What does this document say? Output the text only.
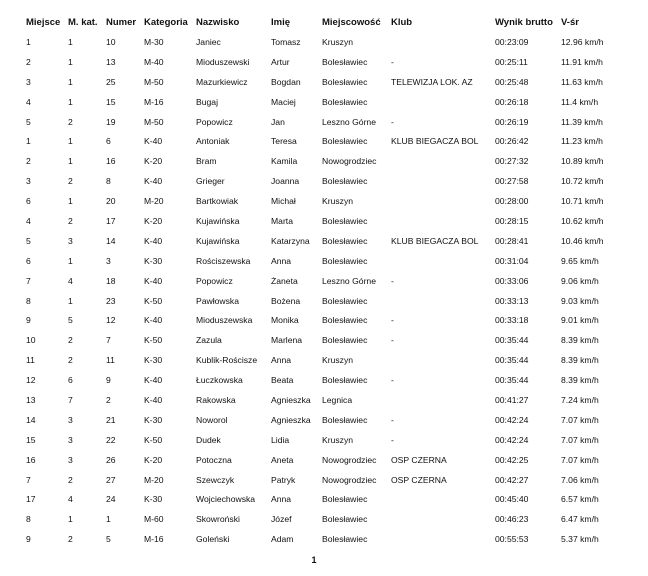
Miejsce	M. kat.	Numer	Kategoria	Nazwisko	Imię	Miejscowość	Klub	Wynik brutto	V-śr
1	1	10	M-30	Janiec	Tomasz	Kruszyn		00:23:09	12.96 km/h
2	1	13	M-40	Mioduszewski	Artur	Bolesławiec	-	00:25:11	11.91 km/h
3	1	25	M-50	Mazurkiewicz	Bogdan	Bolesławiec	TELEWIZJA LOK. AZ	00:25:48	11.63 km/h
4	1	15	M-16	Bugaj	Maciej	Bolesławiec		00:26:18	11.4 km/h
5	2	19	M-50	Popowicz	Jan	Leszno Górne	-	00:26:19	11.39 km/h
1	1	6	K-40	Antoniak	Teresa	Bolesławiec	KLUB BIEGACZA BOL	00:26:42	11.23 km/h
2	1	16	K-20	Bram	Kamila	Nowogrodziec		00:27:32	10.89 km/h
3	2	8	K-40	Grieger	Joanna	Bolesławiec		00:27:58	10.72 km/h
6	1	20	M-20	Bartkowiak	Michał	Kruszyn		00:28:00	10.71 km/h
4	2	17	K-20	Kujawińska	Marta	Bolesławiec		00:28:15	10.62 km/h
5	3	14	K-40	Kujawińska	Katarzyna	Bolesławiec	KLUB BIEGACZA BOL	00:28:41	10.46 km/h
6	1	3	K-30	Rościszewska	Anna	Bolesławiec		00:31:04	9.65 km/h
7	4	18	K-40	Popowicz	Żaneta	Leszno Górne	-	00:33:06	9.06 km/h
8	1	23	K-50	Pawłowska	Bożena	Bolesławiec		00:33:13	9.03 km/h
9	5	12	K-40	Mioduszewska	Monika	Bolesławiec	-	00:33:18	9.01 km/h
10	2	7	K-50	Zazula	Marlena	Bolesławiec	-	00:35:44	8.39 km/h
11	2	11	K-30	Kublik-Rościsze	Anna	Kruszyn		00:35:44	8.39 km/h
12	6	9	K-40	Łuczkowska	Beata	Bolesławiec	-	00:35:44	8.39 km/h
13	7	2	K-40	Rakowska	Agnieszka	Legnica		00:41:27	7.24 km/h
14	3	21	K-30	Noworol	Agnieszka	Bolesławiec	-	00:42:24	7.07 km/h
15	3	22	K-50	Dudek	Lidia	Kruszyn	-	00:42:24	7.07 km/h
16	3	26	K-20	Potoczna	Aneta	Nowogrodziec	OSP CZERNA	00:42:25	7.07 km/h
7	2	27	M-20	Szewczyk	Patryk	Nowogrodziec	OSP CZERNA	00:42:27	7.06 km/h
17	4	24	K-30	Wojciechowska	Anna	Bolesławiec		00:45:40	6.57 km/h
8	1	1	M-60	Skowroński	Józef	Bolesławiec		00:46:23	6.47 km/h
9	2	5	M-16	Goleński	Adam	Bolesławiec		00:55:53	5.37 km/h
1
